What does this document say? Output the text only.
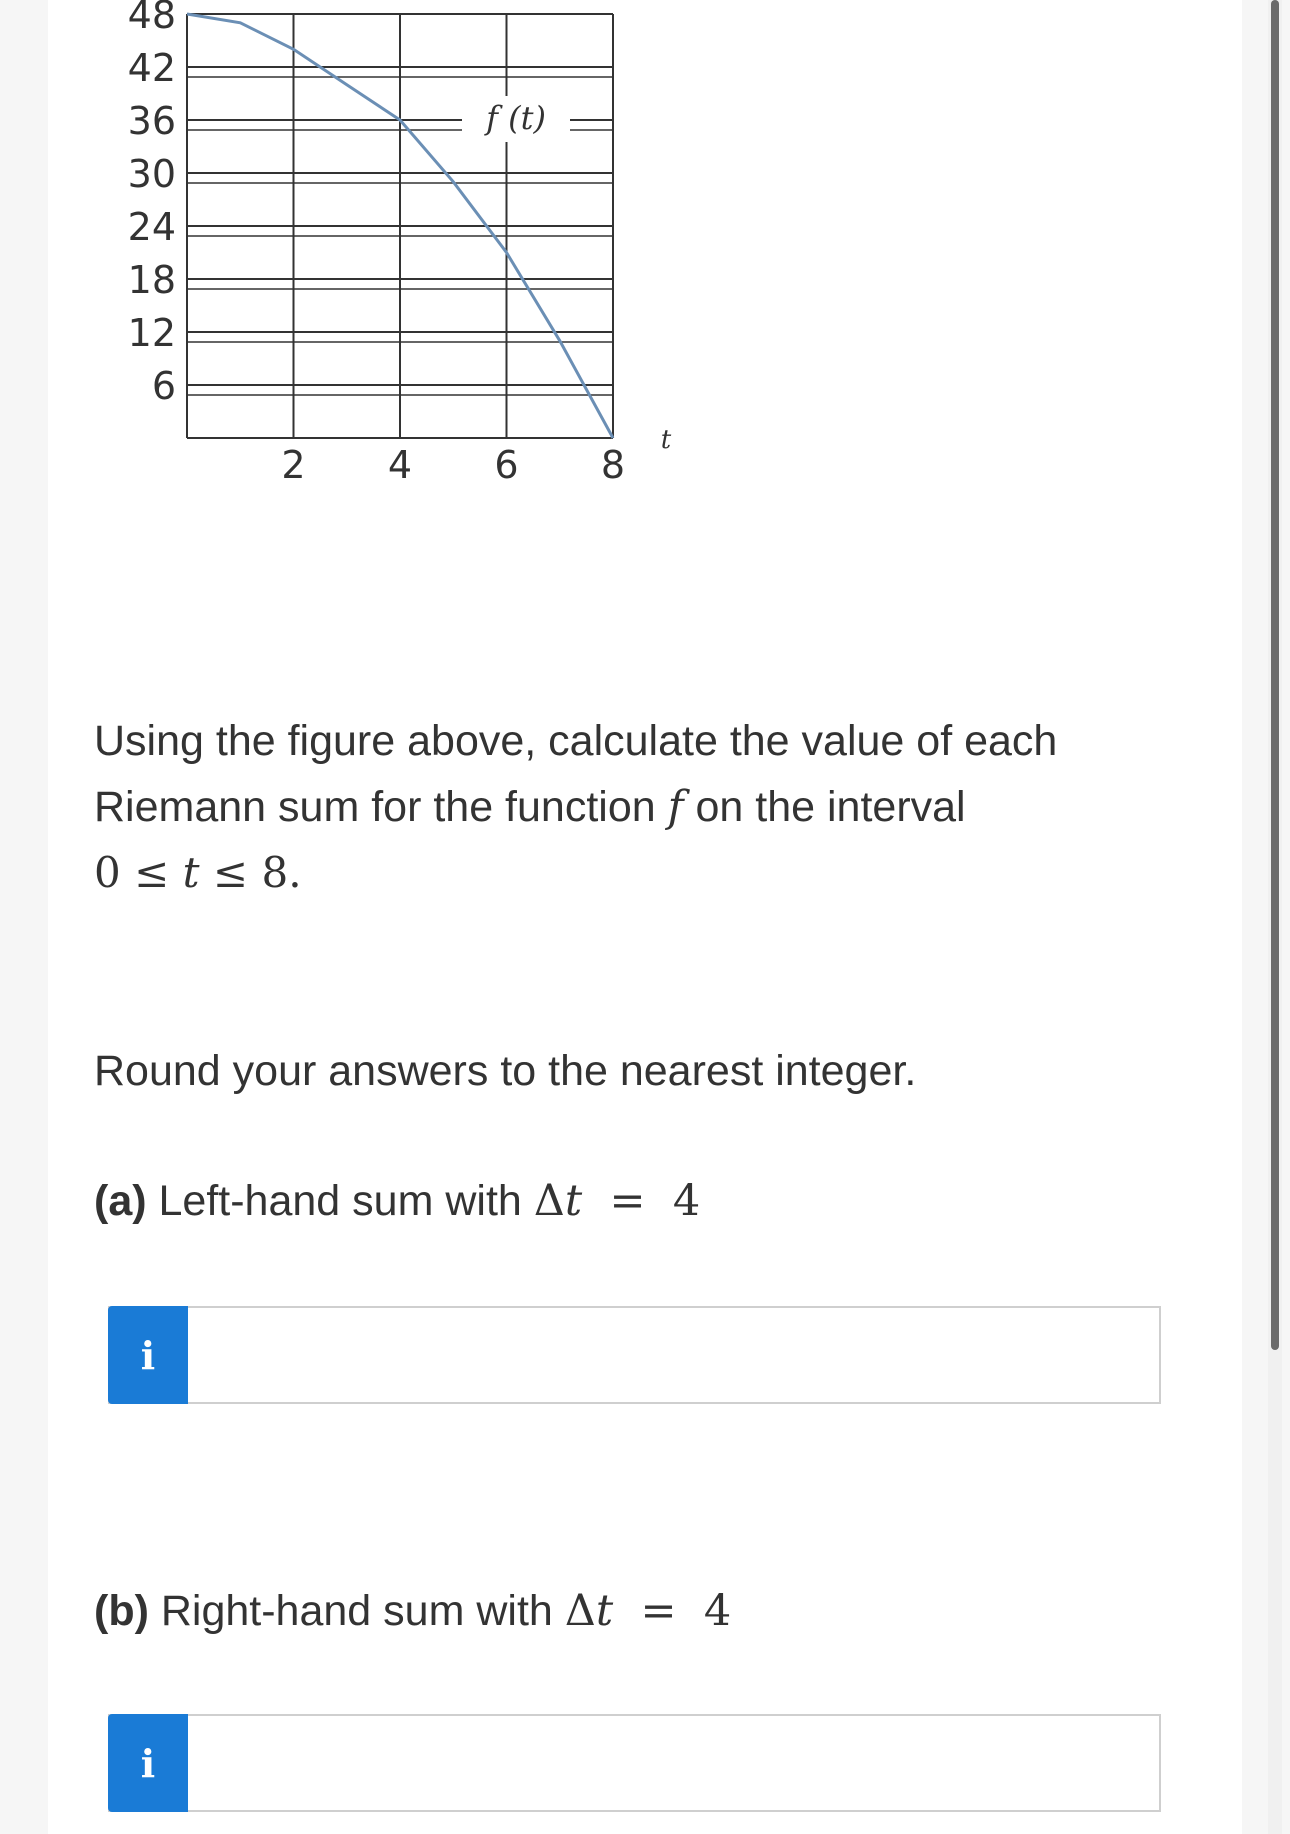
6
12
18
24
30
36
42
48
2 4 6 8
t
f (t)
Using the figure above, calculate the value of each
Riemann sum for the function f on the interval
0 ≤ t ≤ 8.
Round your answers to the nearest integer.
(a) Left-hand sum with Δt = 4
i
(b) Right-hand sum with Δt = 4
i
